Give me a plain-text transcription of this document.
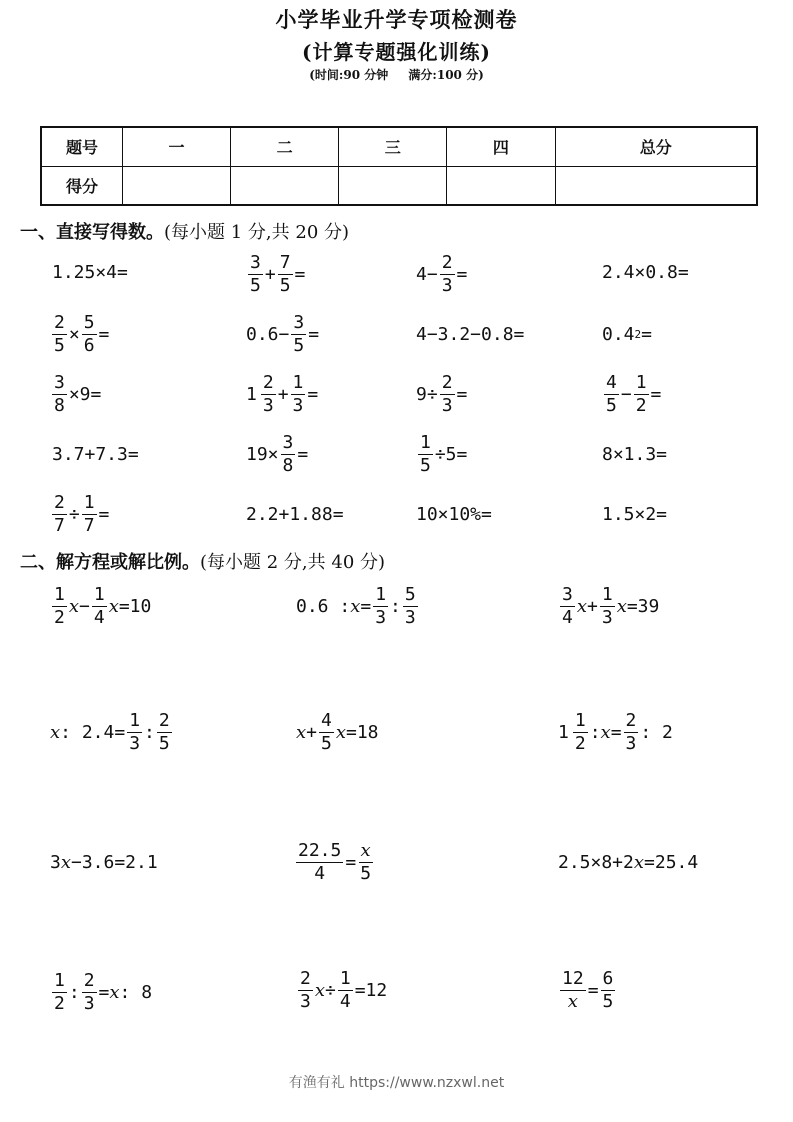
小学毕业升学专项检测卷
(计算专题强化训练)
(时间:90 分钟 满分:100 分)
题号	一	二	三	四	总分
得分					
一、直接写得数。(每小题 1 分,共 20 分)
1.25×4=	$\frac{3}{5} + \frac{7}{5}$ =	$4- \frac{2}{3}$ =	2.4×0.8=
$\frac{2}{5} \times \frac{5}{6}$ =	$0.6- \frac{3}{5}$ =	4−3.2−0.8=	0.4 2 =
$\frac{3}{8} \times 9=$	$1 \frac{2}{3} + \frac{1}{3}$ =	$9\div \frac{2}{3}$ =	$\frac{4}{5} - \frac{1}{2}$ =
3.7+7.3=	$19\times \frac{3}{8}$ =	$\frac{1}{5} \div 5=$	8×1.3=
$\frac{2}{7} \div \frac{1}{7}$ =	2.2+1.88=	10×10%=	1.5×2=
二、解方程或解比例。(每小题 2 分,共 40 分)
$\frac{1}{2}$ $x - \frac{1}{4}$ x =10	0.6 : $x = \frac{1}{3}$ : $\frac{5}{3}$	$\frac{3}{4}$ $x + \frac{1}{3}$ x =39
x : $2.4= \frac{1}{3}$ : $\frac{2}{5}$	$x + \frac{4}{5}$ x =18	$1 \frac{1}{2}$ : $x = \frac{2}{3}$ : 2
3 x −3.6=2.1	$\frac{22.5}{4} = \frac{x}{5}$	2.5×8+2 x =25.4
$\frac{1}{2}$ : $\frac{2}{3} = x$ : 8	$\frac{2}{3}$ $x \div \frac{1}{4} =12$	$\frac{12}{x} = \frac{6}{5}$
有渔有礼 https://www.nzxwl.net
